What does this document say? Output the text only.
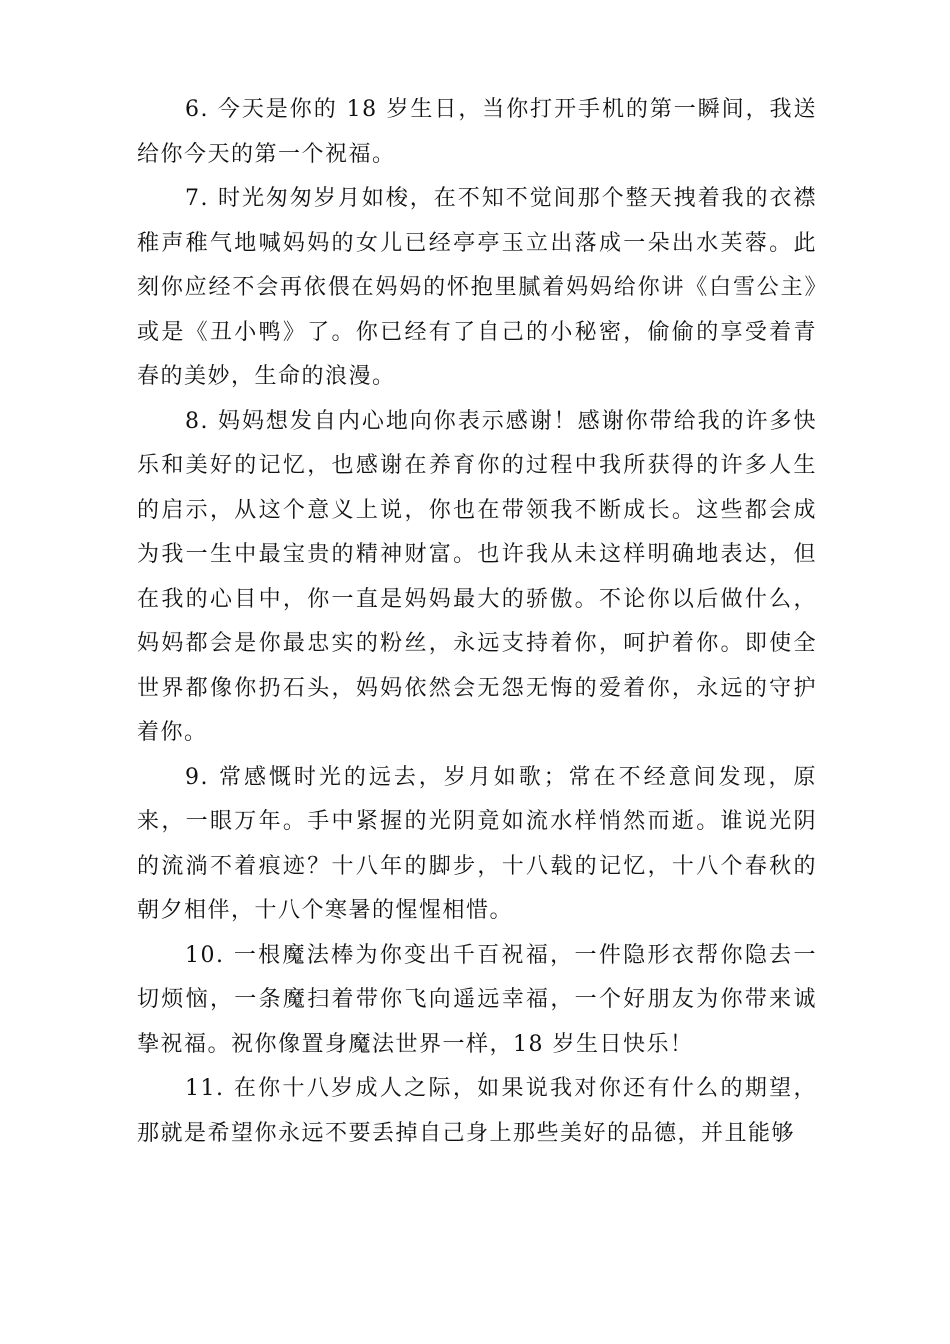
6. 今天是你的 18 岁生日，当你打开手机的第一瞬间，我送给你今天的第一个祝福。

7. 时光匆匆岁月如梭，在不知不觉间那个整天拽着我的衣襟稚声稚气地喊妈妈的女儿已经亭亭玉立出落成一朵出水芙蓉。此刻你应经不会再依偎在妈妈的怀抱里腻着妈妈给你讲《白雪公主》或是《丑小鸭》了。你已经有了自己的小秘密，偷偷的享受着青春的美妙，生命的浪漫。

8. 妈妈想发自内心地向你表示感谢！感谢你带给我的许多快乐和美好的记忆，也感谢在养育你的过程中我所获得的许多人生的启示，从这个意义上说，你也在带领我不断成长。这些都会成为我一生中最宝贵的精神财富。也许我从未这样明确地表达，但在我的心目中，你一直是妈妈最大的骄傲。不论你以后做什么，妈妈都会是你最忠实的粉丝，永远支持着你，呵护着你。即使全世界都像你扔石头，妈妈依然会无怨无悔的爱着你，永远的守护着你。

9. 常感慨时光的远去，岁月如歌；常在不经意间发现，原来，一眼万年。手中紧握的光阴竟如流水样悄然而逝。谁说光阴的流淌不着痕迹？十八年的脚步，十八载的记忆，十八个春秋的朝夕相伴，十八个寒暑的惺惺相惜。

10. 一根魔法棒为你变出千百祝福，一件隐形衣帮你隐去一切烦恼，一条魔扫着带你飞向遥远幸福，一个好朋友为你带来诚挚祝福。祝你像置身魔法世界一样，18 岁生日快乐！

11. 在你十八岁成人之际，如果说我对你还有什么的期望，那就是希望你永远不要丢掉自己身上那些美好的品德，并且能够
